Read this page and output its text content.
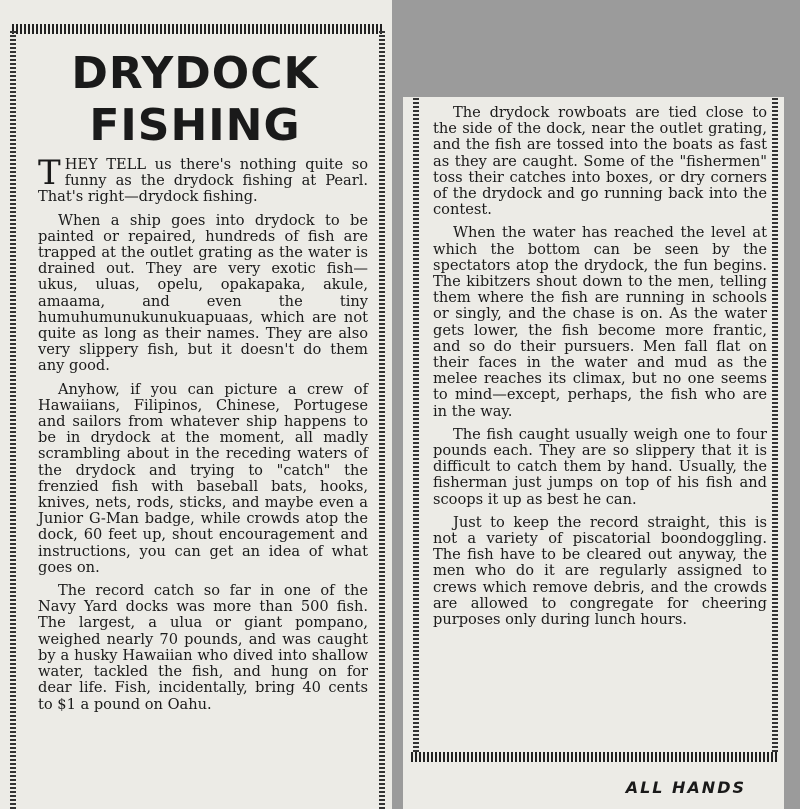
DRYDOCK
FISHING

THEY TELL us there's nothing quite so funny as the drydock fishing at Pearl. That's right—drydock fishing.

When a ship goes into drydock to be painted or repaired, hundreds of fish are trapped at the outlet grating as the water is drained out. They are very exotic fish—ukus, uluas, opelu, opakapaka, akule, amaama, and even the tiny humuhumunukunukuapuaas, which are not quite as long as their names. They are also very slippery fish, but it doesn't do them any good.

Anyhow, if you can picture a crew of Hawaiians, Filipinos, Chinese, Portugese and sailors from whatever ship happens to be in drydock at the moment, all madly scrambling about in the receding waters of the drydock and trying to "catch" the frenzied fish with baseball bats, hooks, knives, nets, rods, sticks, and maybe even a Junior G-Man badge, while crowds atop the dock, 60 feet up, shout encouragement and instructions, you can get an idea of what goes on.

The record catch so far in one of the Navy Yard docks was more than 500 fish. The largest, a ulua or giant pompano, weighed nearly 70 pounds, and was caught by a husky Hawaiian who dived into shallow water, tackled the fish, and hung on for dear life. Fish, incidentally, bring 40 cents to $1 a pound on Oahu.

The drydock rowboats are tied close to the side of the dock, near the outlet grating, and the fish are tossed into the boats as fast as they are caught. Some of the "fishermen" toss their catches into boxes, or dry corners of the drydock and go running back into the contest.

When the water has reached the level at which the bottom can be seen by the spectators atop the drydock, the fun begins. The kibitzers shout down to the men, telling them where the fish are running in schools or singly, and the chase is on. As the water gets lower, the fish become more frantic, and so do their pursuers. Men fall flat on their faces in the water and mud as the melee reaches its climax, but no one seems to mind—except, perhaps, the fish who are in the way.

The fish caught usually weigh one to four pounds each. They are so slippery that it is difficult to catch them by hand. Usually, the fisherman just jumps on top of his fish and scoops it up as best he can.

Just to keep the record straight, this is not a variety of piscatorial boondoggling. The fish have to be cleared out anyway, the men who do it are regularly assigned to crews which remove debris, and the crowds are allowed to congregate for cheering purposes only during lunch hours.

ALL HANDS
